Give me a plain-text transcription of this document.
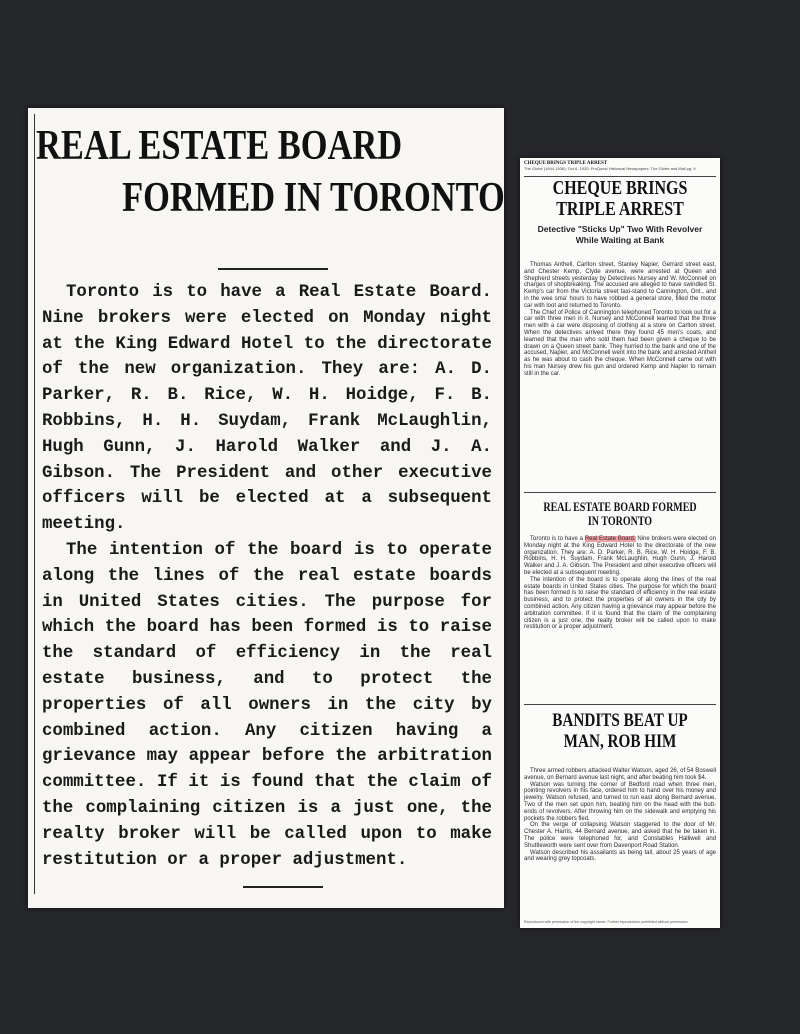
REAL ESTATE BOARD
FORMED IN TORONTO

Toronto is to have a Real Estate Board. Nine brokers were elected on Monday night at the King Edward Hotel to the directorate of the new organization. They are: A. D. Parker, R. B. Rice, W. H. Hoidge, F. B. Robbins, H. H. Suydam, Frank McLaughlin, Hugh Gunn, J. Harold Walker and J. A. Gibson. The President and other executive officers will be elected at a subsequent meeting.

The intention of the board is to operate along the lines of the real estate boards in United States cities. The purpose for which the board has been formed is to raise the standard of efficiency in the real estate business, and to protect the properties of all owners in the city by combined action. Any citizen having a grievance may appear before the arbitration committee. If it is found that the claim of the complaining citizen is a just one, the realty broker will be called upon to make restitution or a proper adjustment.

CHEQUE BRINGS TRIPLE ARREST
The Globe (1844-1936); Oct 6, 1920; ProQuest Historical Newspapers: The Globe and Mail pg. 9
CHEQUE BRINGS TRIPLE ARREST
Detective "Sticks Up" Two With Revolver While Waiting at Bank

Thomas Anthell, Carlton street, Stanley Napier, Gerrard street east, and Chester Kemp, Clyde avenue, were arrested at Queen and Shepherd streets yesterday by Detectives Nursey and W. McConnell on charges of shopbreaking. The accused are alleged to have swindled St. Kemp's car from the Victoria street taxi-stand to Cannington, Ont., and in the wee sma' hours to have robbed a general store, filled the motor car with loot and returned to Toronto.

The Chief of Police of Cannington telephoned Toronto to look out for a car with three men in it. Nursey and McConnell learned that the three men with a car were disposing of clothing at a store on Carlton street. When the detectives arrived there they found 45 men's coats, and learned that the man who sold them had been given a cheque to be drawn on a Queen street bank. They hurried to the bank and one of the accused, Napier, and McConnell went into the bank and arrested Anthell as he was about to cash the cheque. When McConnell came out with his man Nursey drew his gun and ordered Kemp and Napier to remain still in the car.

REAL ESTATE BOARD FORMED IN TORONTO

Toronto is to have a Real Estate Board. Nine brokers were elected on Monday night at the King Edward Hotel to the directorate of the new organization. They are: A. D. Parker, R. B. Rice, W. H. Hoidge, F. B. Robbins, H. H. Suydam, Frank McLaughlin, Hugh Gunn, J. Harold Walker and J. A. Gibson. The President and other executive officers will be elected at a subsequent meeting.

The intention of the board is to operate along the lines of the real estate boards in United States cities. The purpose for which the board has been formed is to raise the standard of efficiency in the real estate business, and to protect the properties of all owners in the city by combined action. Any citizen having a grievance may appear before the arbitration committee. If it is found that the claim of the complaining citizen is a just one, the realty broker will be called upon to make restitution or a proper adjustment.

BANDITS BEAT UP MAN, ROB HIM

Three armed robbers attacked Walter Watson, aged 26, of 54 Boswell avenue, on Bernard avenue last night, and after beating him took $4.

Watson was turning the corner of Bedford road when three men, pointing revolvers in his face, ordered him to hand over his money and jewelry. Watson refused, and turned to run east along Bernard avenue. Two of the men set upon him, beating him on the head with the butt-ends of revolvers. After throwing him on the sidewalk and emptying his pockets the robbers fled.

On the verge of collapsing Watson staggered to the door of Mr. Chester A. Harris, 44 Bernard avenue, and asked that he be taken in. The police were telephoned for, and Constables Halliwell and Shuttleworth were sent over from Davenport Road Station.

Watson described his assailants as being tall, about 25 years of age and wearing grey topcoats.

Reproduced with permission of the copyright owner. Further reproduction prohibited without permission.
